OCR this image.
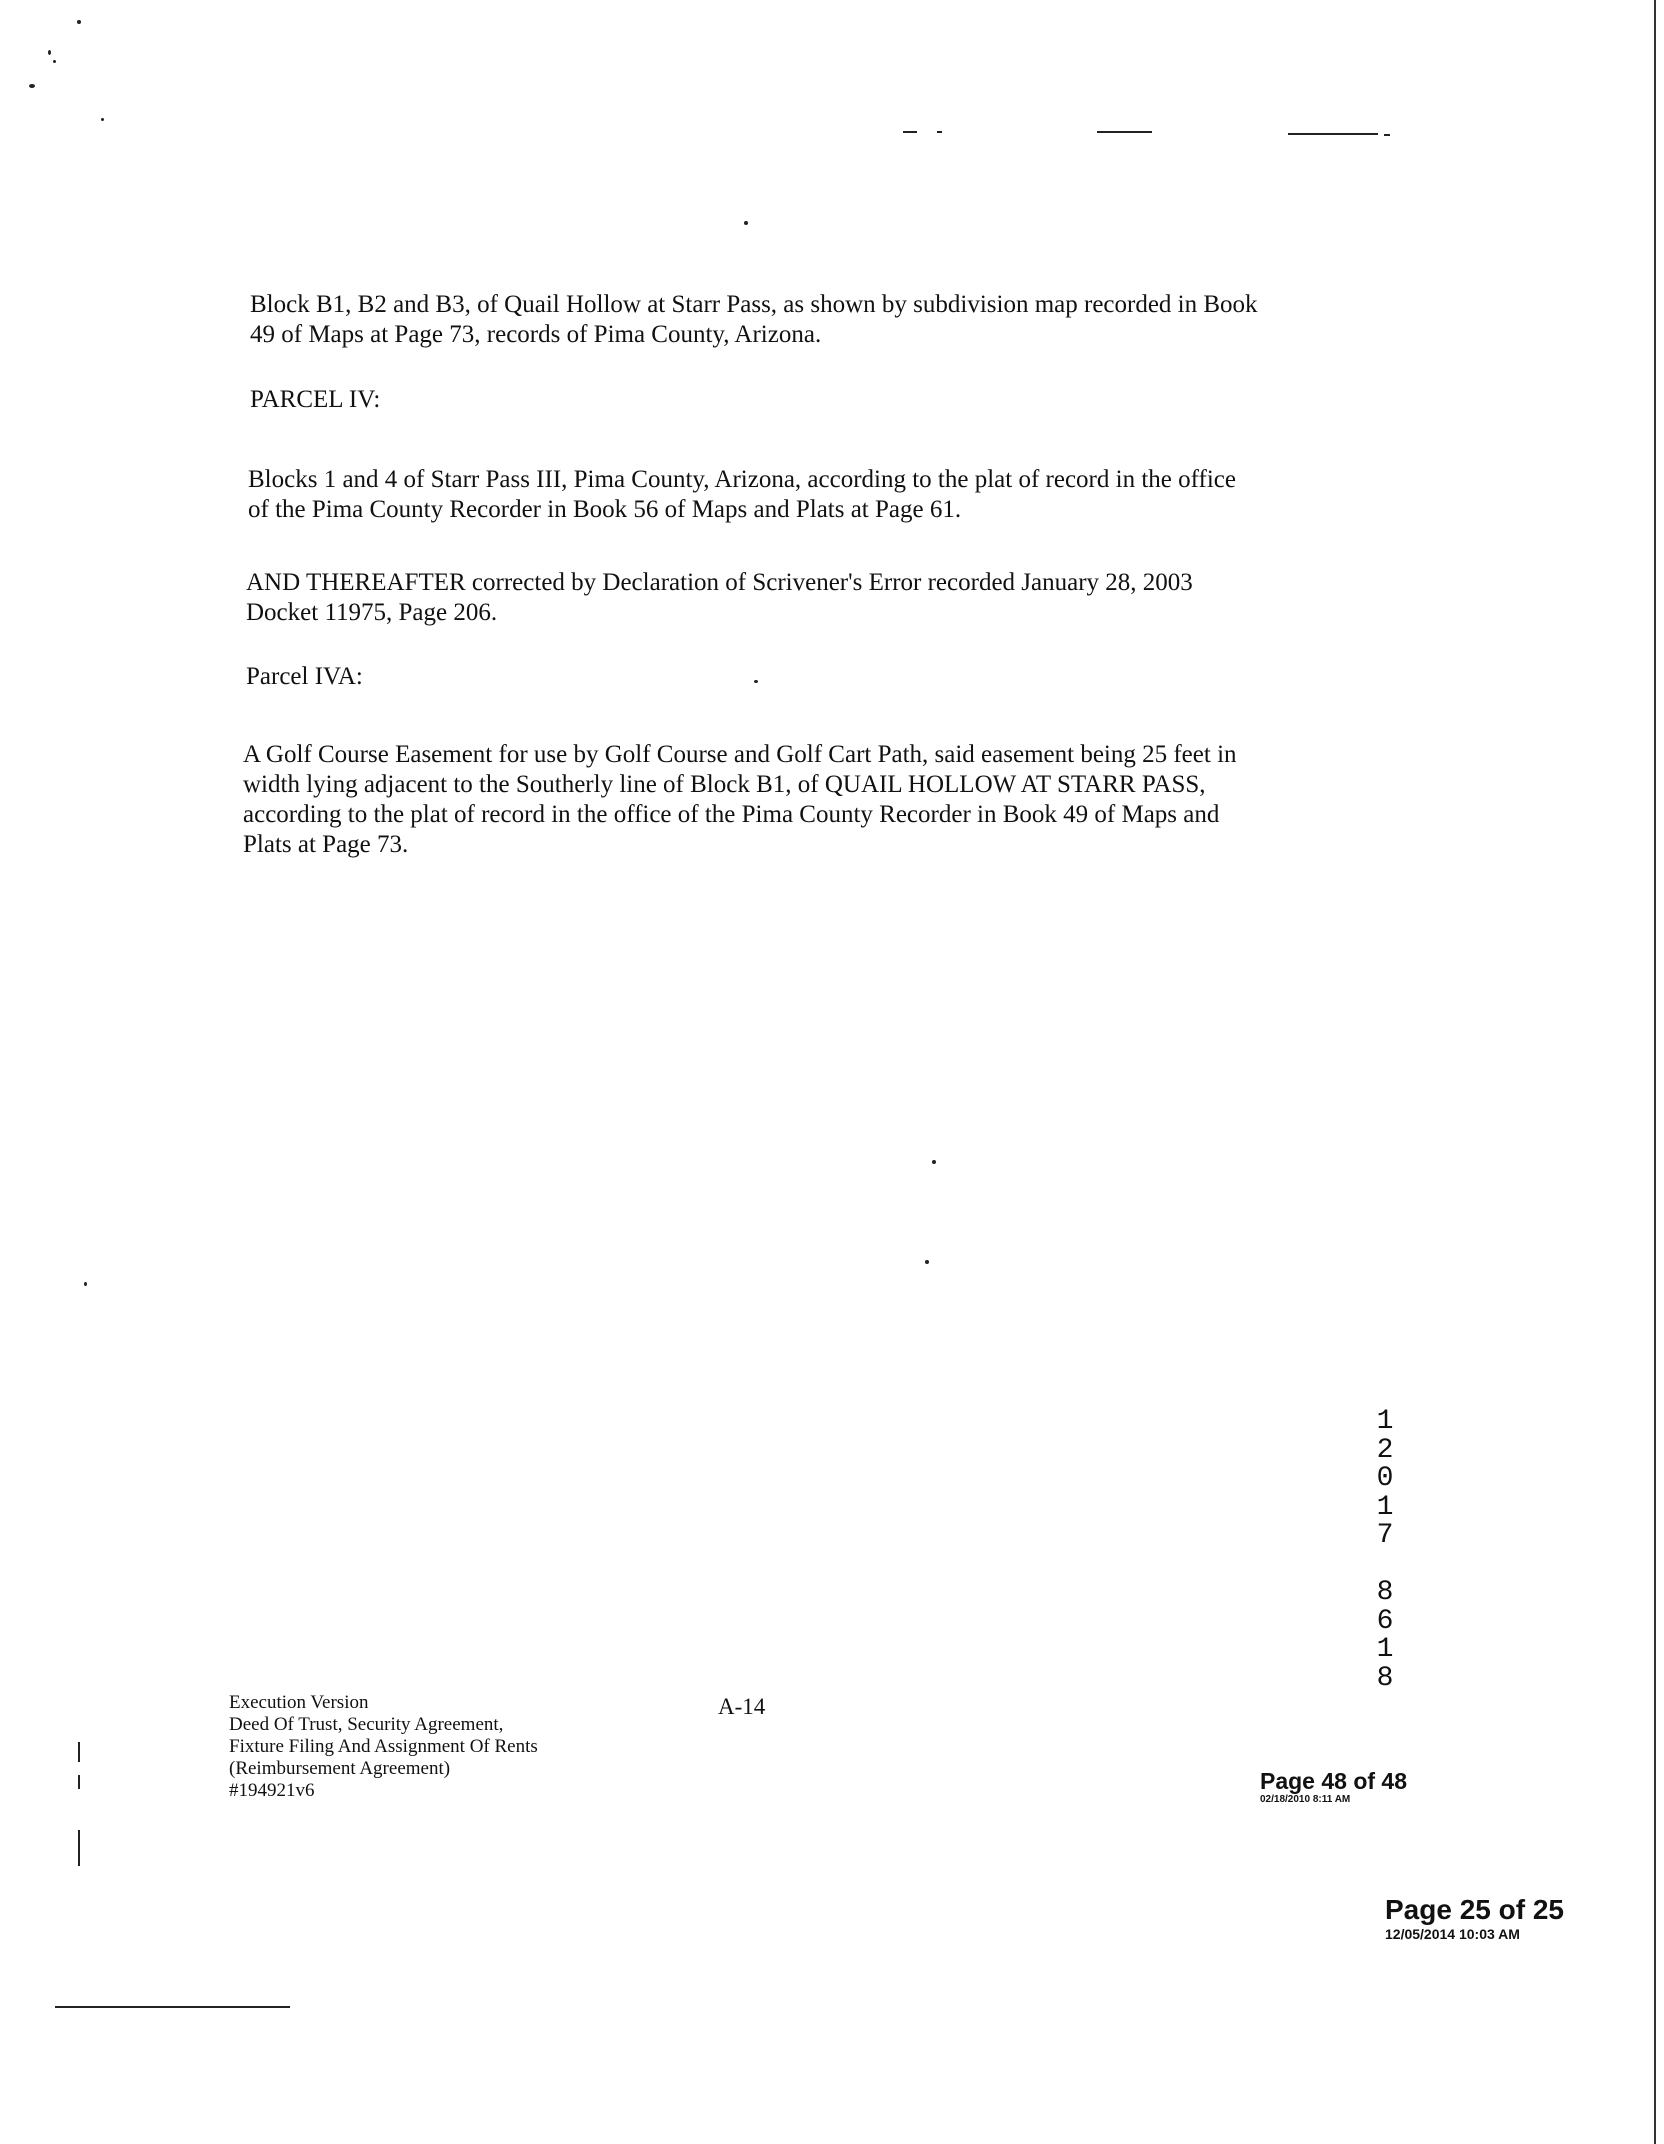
Block B1, B2 and B3, of Quail Hollow at Starr Pass, as shown by subdivision map recorded in Book 49 of Maps at Page 73, records of Pima County, Arizona.

PARCEL IV:

Blocks 1 and 4 of Starr Pass III, Pima County, Arizona, according to the plat of record in the office of the Pima County Recorder in Book 56 of Maps and Plats at Page 61.

AND THEREAFTER corrected by Declaration of Scrivener's Error recorded January 28, 2003 Docket 11975, Page 206.

Parcel IVA:

A Golf Course Easement for use by Golf Course and Golf Cart Path, said easement being 25 feet in width lying adjacent to the Southerly line of Block B1, of QUAIL HOLLOW AT STARR PASS, according to the plat of record in the office of the Pima County Recorder in Book 49 of Maps and Plats at Page 73.

1
2
0
1
7

8
6
1
8
Execution Version
Deed Of Trust, Security Agreement,
Fixture Filing And Assignment Of Rents
(Reimbursement Agreement)
#194921v6
A-14
Page 48 of 48
02/18/2010 8:11 AM
Page 25 of 25
12/05/2014 10:03 AM
